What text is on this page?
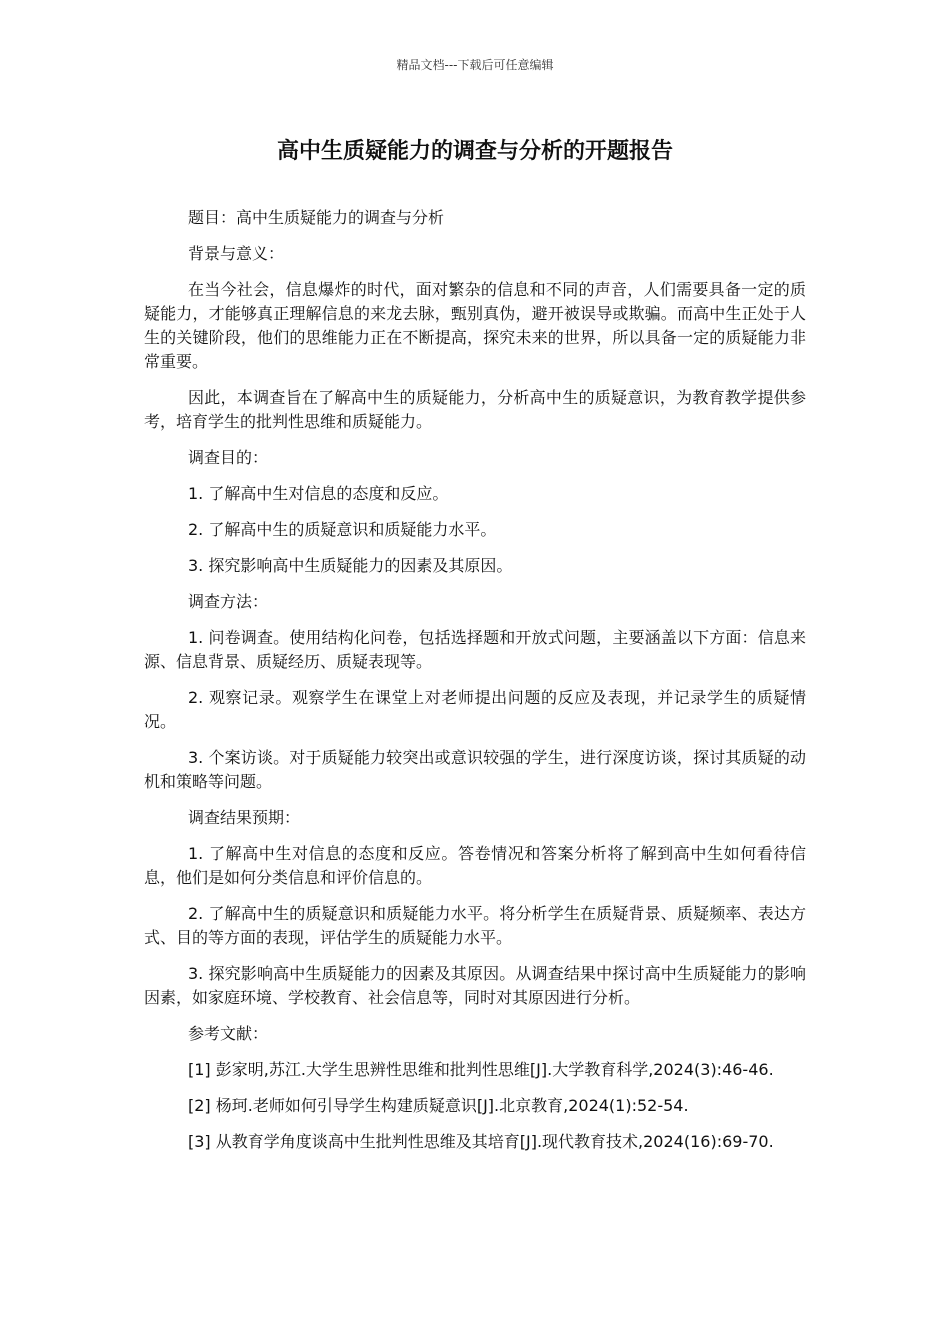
精品文档---下载后可任意编辑
高中生质疑能力的调查与分析的开题报告

题目：高中生质疑能力的调查与分析

背景与意义：

在当今社会，信息爆炸的时代，面对繁杂的信息和不同的声音，人们需要具备一定的质疑能力，才能够真正理解信息的来龙去脉，甄别真伪，避开被误导或欺骗。而高中生正处于人生的关键阶段，他们的思维能力正在不断提高，探究未来的世界，所以具备一定的质疑能力非常重要。

因此，本调查旨在了解高中生的质疑能力，分析高中生的质疑意识，为教育教学提供参考，培育学生的批判性思维和质疑能力。

调查目的：

1. 了解高中生对信息的态度和反应。

2. 了解高中生的质疑意识和质疑能力水平。

3. 探究影响高中生质疑能力的因素及其原因。

调查方法：

1. 问卷调查。使用结构化问卷，包括选择题和开放式问题，主要涵盖以下方面：信息来源、信息背景、质疑经历、质疑表现等。

2. 观察记录。观察学生在课堂上对老师提出问题的反应及表现，并记录学生的质疑情况。

3. 个案访谈。对于质疑能力较突出或意识较强的学生，进行深度访谈，探讨其质疑的动机和策略等问题。

调查结果预期：

1. 了解高中生对信息的态度和反应。答卷情况和答案分析将了解到高中生如何看待信息，他们是如何分类信息和评价信息的。

2. 了解高中生的质疑意识和质疑能力水平。将分析学生在质疑背景、质疑频率、表达方式、目的等方面的表现，评估学生的质疑能力水平。

3. 探究影响高中生质疑能力的因素及其原因。从调查结果中探讨高中生质疑能力的影响因素，如家庭环境、学校教育、社会信息等，同时对其原因进行分析。

参考文献：

[1] 彭家明,苏江.大学生思辨性思维和批判性思维[J].大学教育科学,2024(3):46-46.

[2] 杨珂.老师如何引导学生构建质疑意识[J].北京教育,2024(1):52-54.

[3] 从教育学角度谈高中生批判性思维及其培育[J].现代教育技术,2024(16):69-70.
